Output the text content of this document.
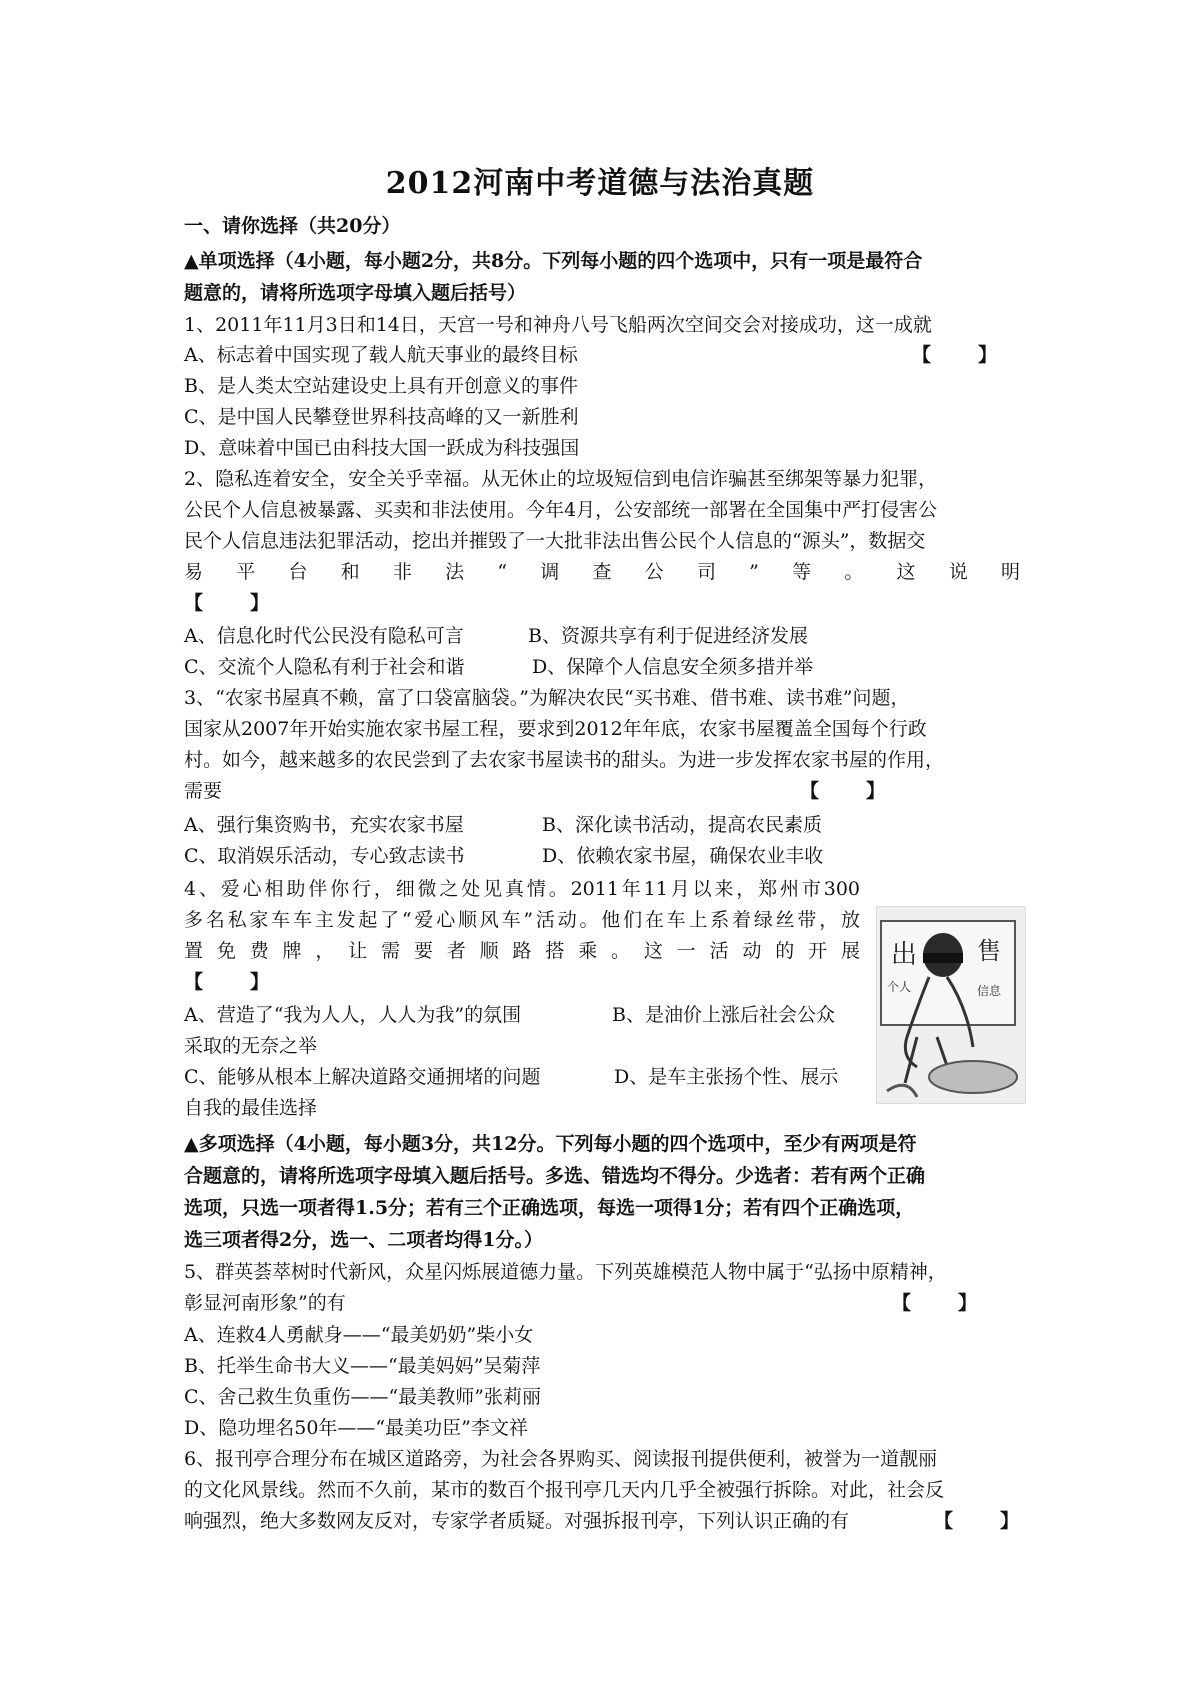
2012河南中考道德与法治真题
一、请你选择（共20分）
▲单项选择（4小题，每小题2分，共8分。下列每小题的四个选项中，只有一项是最符合
题意的，请将所选项字母填入题后括号）
1、2011年11月3日和14日，天宫一号和神舟八号飞船两次空间交会对接成功，这一成就
A、标志着中国实现了载人航天事业的最终目标	【　　】
B、是人类太空站建设史上具有开创意义的事件
C、是中国人民攀登世界科技高峰的又一新胜利
D、意味着中国已由科技大国一跃成为科技强国
2、隐私连着安全，安全关乎幸福。从无休止的垃圾短信到电信诈骗甚至绑架等暴力犯罪，
公民个人信息被暴露、买卖和非法使用。今年4月，公安部统一部署在全国集中严打侵害公
民个人信息违法犯罪活动，挖出并摧毁了一大批非法出售公民个人信息的“源头”，数据交
易平台和非法“调查公司”等。这说明
【　　】
A、信息化时代公民没有隐私可言	B、资源共享有利于促进经济发展
C、交流个人隐私有利于社会和谐	D、保障个人信息安全须多措并举
3、“农家书屋真不赖，富了口袋富脑袋。”为解决农民“买书难、借书难、读书难”问题，
国家从2007年开始实施农家书屋工程，要求到2012年年底，农家书屋覆盖全国每个行政
村。如今，越来越多的农民尝到了去农家书屋读书的甜头。为进一步发挥农家书屋的作用，
需要	【　　】
A、强行集资购书，充实农家书屋	B、深化读书活动，提高农民素质
C、取消娱乐活动，专心致志读书	D、依赖农家书屋，确保农业丰收
4、爱心相助伴你行，细微之处见真情。2011年11月以来，郑州市300
多名私家车车主发起了“爱心顺风车”活动。他们在车上系着绿丝带，放
置免费牌，让需要者顺路搭乘。这一活动的开展
【　　】
A、营造了“我为人人，人人为我”的氛围	B、是油价上涨后社会公众
采取的无奈之举
C、能够从根本上解决道路交通拥堵的问题	D、是车主张扬个性、展示
自我的最佳选择
出 售
个人	信息
▲多项选择（4小题，每小题3分，共12分。下列每小题的四个选项中，至少有两项是符
合题意的，请将所选项字母填入题后括号。多选、错选均不得分。少选者：若有两个正确
选项，只选一项者得1.5分；若有三个正确选项，每选一项得1分；若有四个正确选项，
选三项者得2分，选一、二项者均得1分。）
5、群英荟萃树时代新风，众星闪烁展道德力量。下列英雄模范人物中属于“弘扬中原精神，
彰显河南形象”的有	【　　】
A、连救4人勇献身——“最美奶奶”柴小女
B、托举生命书大义——“最美妈妈”吴菊萍
C、舍己救生负重伤——“最美教师”张莉丽
D、隐功埋名50年——“最美功臣”李文祥
6、报刊亭合理分布在城区道路旁，为社会各界购买、阅读报刊提供便利，被誉为一道靓丽
的文化风景线。然而不久前，某市的数百个报刊亭几天内几乎全被强行拆除。对此，社会反
响强烈，绝大多数网友反对，专家学者质疑。对强拆报刊亭，下列认识正确的有	【　　】
